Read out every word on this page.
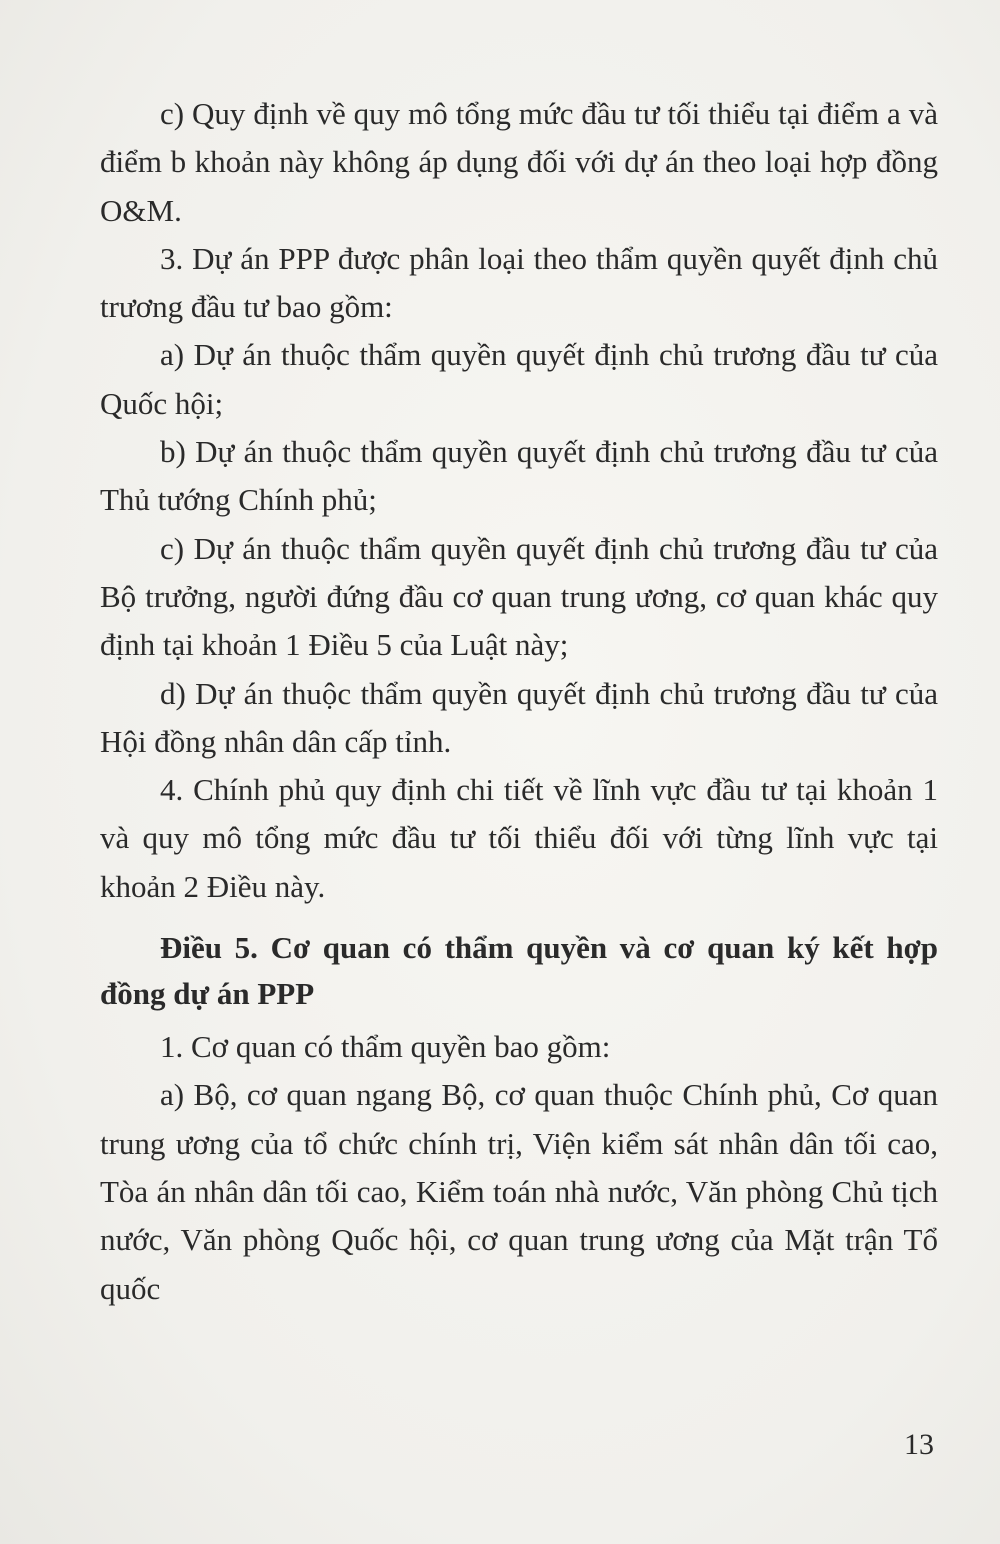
c) Quy định về quy mô tổng mức đầu tư tối thiểu tại điểm a và điểm b khoản này không áp dụng đối với dự án theo loại hợp đồng O&M.

3. Dự án PPP được phân loại theo thẩm quyền quyết định chủ trương đầu tư bao gồm:

a) Dự án thuộc thẩm quyền quyết định chủ trương đầu tư của Quốc hội;

b) Dự án thuộc thẩm quyền quyết định chủ trương đầu tư của Thủ tướng Chính phủ;

c) Dự án thuộc thẩm quyền quyết định chủ trương đầu tư của Bộ trưởng, người đứng đầu cơ quan trung ương, cơ quan khác quy định tại khoản 1 Điều 5 của Luật này;

d) Dự án thuộc thẩm quyền quyết định chủ trương đầu tư của Hội đồng nhân dân cấp tỉnh.

4. Chính phủ quy định chi tiết về lĩnh vực đầu tư tại khoản 1 và quy mô tổng mức đầu tư tối thiểu đối với từng lĩnh vực tại khoản 2 Điều này.

Điều 5. Cơ quan có thẩm quyền và cơ quan ký kết hợp đồng dự án PPP

1. Cơ quan có thẩm quyền bao gồm:

a) Bộ, cơ quan ngang Bộ, cơ quan thuộc Chính phủ, Cơ quan trung ương của tổ chức chính trị, Viện kiểm sát nhân dân tối cao, Tòa án nhân dân tối cao, Kiểm toán nhà nước, Văn phòng Chủ tịch nước, Văn phòng Quốc hội, cơ quan trung ương của Mặt trận Tổ quốc

13
